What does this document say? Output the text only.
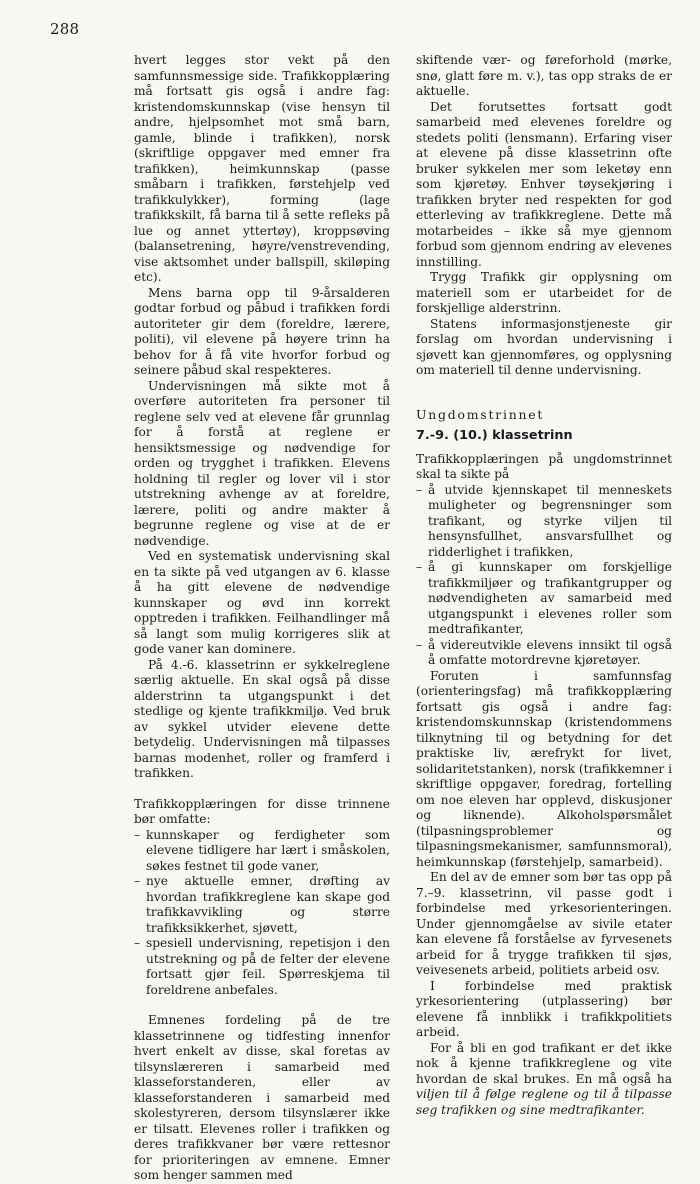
288

hvert legges stor vekt på den samfunnsmessige side. Trafikkopplæring må fortsatt gis også i andre fag: kristendomskunnskap (vise hensyn til andre, hjelpsomhet mot små barn, gamle, blinde i trafikken), norsk (skriftlige oppgaver med emner fra trafikken), heimkunnskap (passe småbarn i trafikken, førstehjelp ved trafikkulykker), forming (lage trafikkskilt, få barna til å sette refleks på lue og annet yttertøy), kroppsøving (balansetrening, høyre/venstrevending, vise aktsomhet under ballspill, skiløping etc).

Mens barna opp til 9-årsalderen godtar forbud og påbud i trafikken fordi autoriteter gir dem (foreldre, lærere, politi), vil elevene på høyere trinn ha behov for å få vite hvorfor forbud og seinere påbud skal respekteres.

Undervisningen må sikte mot å overføre autoriteten fra personer til reglene selv ved at elevene får grunnlag for å forstå at reglene er hensiktsmessige og nødvendige for orden og trygghet i trafikken. Elevens holdning til regler og lover vil i stor utstrekning avhenge av at foreldre, lærere, politi og andre makter å begrunne reglene og vise at de er nødvendige.

Ved en systematisk undervisning skal en ta sikte på ved utgangen av 6. klasse å ha gitt elevene de nødvendige kunnskaper og øvd inn korrekt opptreden i trafikken. Feilhandlinger må så langt som mulig korrigeres slik at gode vaner kan dominere.

På 4.-6. klassetrinn er sykkelreglene særlig aktuelle. En skal også på disse alderstrinn ta utgangspunkt i det stedlige og kjente trafikkmiljø. Ved bruk av sykkel utvider elevene dette betydelig. Undervisningen må tilpasses barnas modenhet, roller og framferd i trafikken.

Trafikkopplæringen for disse trinnene bør omfatte:

– kunnskaper og ferdigheter som elevene tidligere har lært i småskolen, søkes festnet til gode vaner,
– nye aktuelle emner, drøfting av hvordan trafikkreglene kan skape god trafikkavvikling og større trafikksikkerhet, sjøvett,
– spesiell undervisning, repetisjon i den utstrekning og på de felter der elevene fortsatt gjør feil. Spørreskjema til foreldrene anbefales.

Emnenes fordeling på de tre klassetrinnene og tidfesting innenfor hvert enkelt av disse, skal foretas av tilsynslæreren i samarbeid med klasseforstanderen, eller av klasseforstanderen i samarbeid med skolestyreren, dersom tilsynslærer ikke er tilsatt. Elevenes roller i trafikken og deres trafikkvaner bør være rettesnor for prioriteringen av emnene. Emner som henger sammen med

skiftende vær- og føreforhold (mørke, snø, glatt føre m. v.), tas opp straks de er aktuelle.

Det forutsettes fortsatt godt samarbeid med elevenes foreldre og stedets politi (lensmann). Erfaring viser at elevene på disse klassetrinn ofte bruker sykkelen mer som leketøy enn som kjøretøy. Enhver tøysekjøring i trafikken bryter ned respekten for god etterleving av trafikkreglene. Dette må motarbeides – ikke så mye gjennom forbud som gjennom endring av elevenes innstilling.

Trygg Trafikk gir opplysning om materiell som er utarbeidet for de forskjellige alderstrinn.

Statens informasjonstjeneste gir forslag om hvordan undervisning i sjøvett kan gjennomføres, og opplysning om materiell til denne undervisning.

Ungdomstrinnet
7.-9. (10.) klassetrinn

Trafikkopplæringen på ungdomstrinnet skal ta sikte på

– å utvide kjennskapet til menneskets muligheter og begrensninger som trafikant, og styrke viljen til hensynsfullhet, ansvarsfullhet og ridderlighet i trafikken,
– å gi kunnskaper om forskjellige trafikkmiljøer og trafikantgrupper og nødvendigheten av samarbeid med utgangspunkt i elevenes roller som medtrafikanter,
– å videreutvikle elevens innsikt til også å omfatte motordrevne kjøretøyer.

Foruten i samfunnsfag (orienteringsfag) må trafikkopplæring fortsatt gis også i andre fag: kristendomskunnskap (kristendommens tilknytning til og betydning for det praktiske liv, ærefrykt for livet, solidaritetstanken), norsk (trafikkemner i skriftlige oppgaver, foredrag, fortelling om noe eleven har opplevd, diskusjoner og liknende). Alkoholspørsmålet (tilpasningsproblemer og tilpasningsmekanismer, samfunnsmoral), heimkunnskap (førstehjelp, samarbeid).

En del av de emner som bør tas opp på 7.–9. klassetrinn, vil passe godt i forbindelse med yrkesorienteringen. Under gjennomgåelse av sivile etater kan elevene få forståelse av fyrvesenets arbeid for å trygge trafikken til sjøs, veivesenets arbeid, politiets arbeid osv.

I forbindelse med praktisk yrkesorientering (utplassering) bør elevene få innblikk i trafikkpolitiets arbeid.

For å bli en god trafikant er det ikke nok å kjenne trafikkreglene og vite hvordan de skal brukes. En må også ha viljen til å følge reglene og til å tilpasse seg trafikken og sine medtrafikanter.
